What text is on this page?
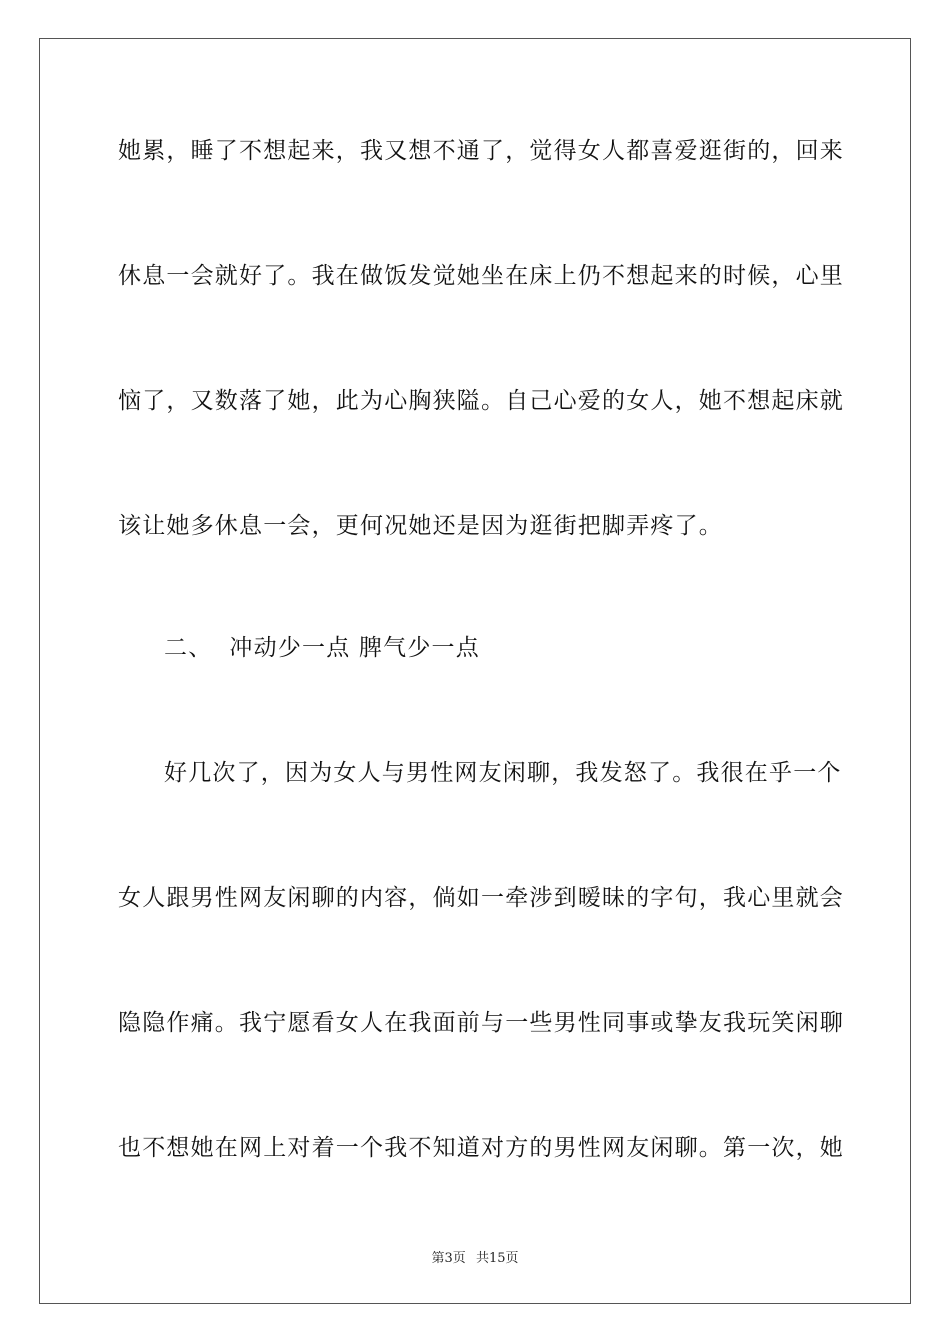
她累，睡了不想起来，我又想不通了，觉得女人都喜爱逛街的，回来
休息一会就好了。我在做饭发觉她坐在床上仍不想起来的时候，心里
恼了，又数落了她，此为心胸狭隘。自己心爱的女人，她不想起床就
该让她多休息一会，更何况她还是因为逛街把脚弄疼了。
二、  冲动少一点 脾气少一点
好几次了，因为女人与男性网友闲聊，我发怒了。我很在乎一个
女人跟男性网友闲聊的内容，倘如一牵涉到暧昧的字句，我心里就会
隐隐作痛。我宁愿看女人在我面前与一些男性同事或挚友我玩笑闲聊
也不想她在网上对着一个我不知道对方的男性网友闲聊。第一次，她
第3页 共15页
